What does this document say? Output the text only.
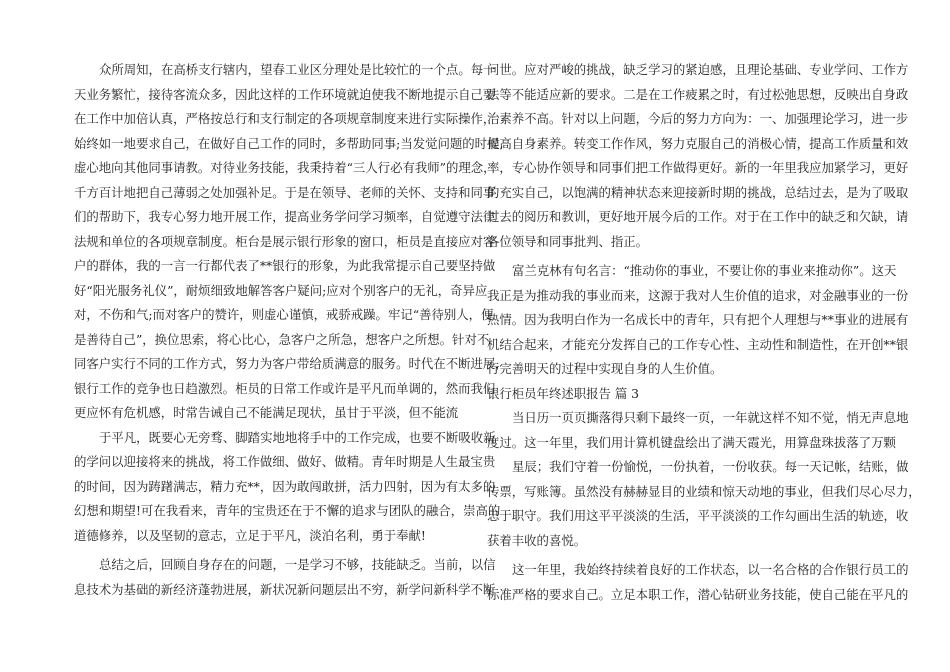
众所周知，在高桥支行辖内，望春工业区分理处是比较忙的一个点。每一
天业务繁忙，接待客流众多，因此这样的工作环境就迫使我不断地提示自己要
在工作中加倍认真，严格按总行和支行制定的各项规章制度来进行实际操作，
始终如一地要求自己，在做好自己工作的同时，多帮助同事;当发觉问题的时候,
虚心地向其他同事请教。对待业务技能，我秉持着“三人行必有我师”的理念，
千方百计地把自己薄弱之处加强补足。于是在领导、老师的关怀、支持和同事
们的帮助下，我专心努力地开展工作，提高业务学问学习频率，自觉遵守法律
法规和单位的各项规章制度。柜台是展示银行形象的窗口，柜员是直接应对客
户的群体，我的一言一行都代表了**银行的形象，为此我常提示自己要坚持做
好“阳光服务礼仪”，耐烦细致地解答客户疑问;应对个别客户的无礼，奇异应
对，不伤和气;而对客户的赞许，则虚心谨慎，戒骄戒躁。牢记“善待别人，便
是善待自己”，换位思索，将心比心，急客户之所急，想客户之所想。针对不
同客户实行不同的工作方式，努力为客户带给质满意的服务。时代在不断进展，
银行工作的竞争也日趋激烈。柜员的日常工作或许是平凡而单调的，然而我们
更应怀有危机感，时常告诫自己不能满足现状，虽甘于平淡，但不能流
于平凡，既要心无旁骛、脚踏实地地将手中的工作完成，也要不断吸收新
的学问以迎接将来的挑战，将工作做细、做好、做精。青年时期是人生最宝贵
的时间，因为踌躇满志，精力充**，因为敢闯敢拼，活力四射，因为有太多的
幻想和期望!可在我看来，青年的宝贵还在于不懈的追求与团队的融合，崇高的
道德修养，以及坚韧的意志，立足于平凡，淡泊名利，勇于奉献!
总结之后，回顾自身存在的问题，一是学习不够，技能缺乏。当前，以信
息技术为基础的新经济蓬勃进展，新状况新问题层出不穷，新学问新科学不断
问世。应对严峻的挑战，缺乏学习的紧迫感，且理论基础、专业学问、工作方
法等不能适应新的要求。二是在工作疲累之时，有过松弛思想，反映出自身政
治素养不高。针对以上问题，今后的努力方向为：一、加强理论学习，进一步
提高自身素养。转变工作作风，努力克服自己的消极心情，提高工作质量和效
率，专心协作领导和同事们把工作做得更好。新的一年里我应加紧学习，更好
的充实自己，以饱满的精神状态来迎接新时期的挑战，总结过去，是为了吸取
过去的阅历和教训，更好地开展今后的工作。对于在工作中的缺乏和欠缺，请
各位领导和同事批判、指正。
富兰克林有句名言：“推动你的事业，不要让你的事业来推动你”。这天
我正是为推动我的事业而来，这源于我对人生价值的追求，对金融事业的一份
热情。因为我明白作为一名成长中的青年，只有把个人理想与**事业的进展有
机结合起来，才能充分发挥自己的工作专心性、主动性和制造性，在开创**银
行完善明天的过程中实现自身的人生价值。
银行柜员年终述职报告 篇 3
当日历一页页撕落得只剩下最终一页，一年就这样不知不觉，悄无声息地
度过。这一年里，我们用计算机键盘绘出了满天霞光，用算盘珠拔落了万颗
星辰；我们守着一份愉悦，一份执着，一份收获。每一天记帐，结账，做
传票，写账簿。虽然没有赫赫显目的业绩和惊天动地的事业，但我们尽心尽力，
忠于职守。我们用这平平淡淡的生活，平平淡淡的工作勾画出生活的轨迹，收
获着丰收的喜悦。
这一年里，我始终持续着良好的工作状态，以一名合格的合作银行员工的
标准严格的要求自己。立足本职工作，潜心钻研业务技能，使自己能在平凡的
